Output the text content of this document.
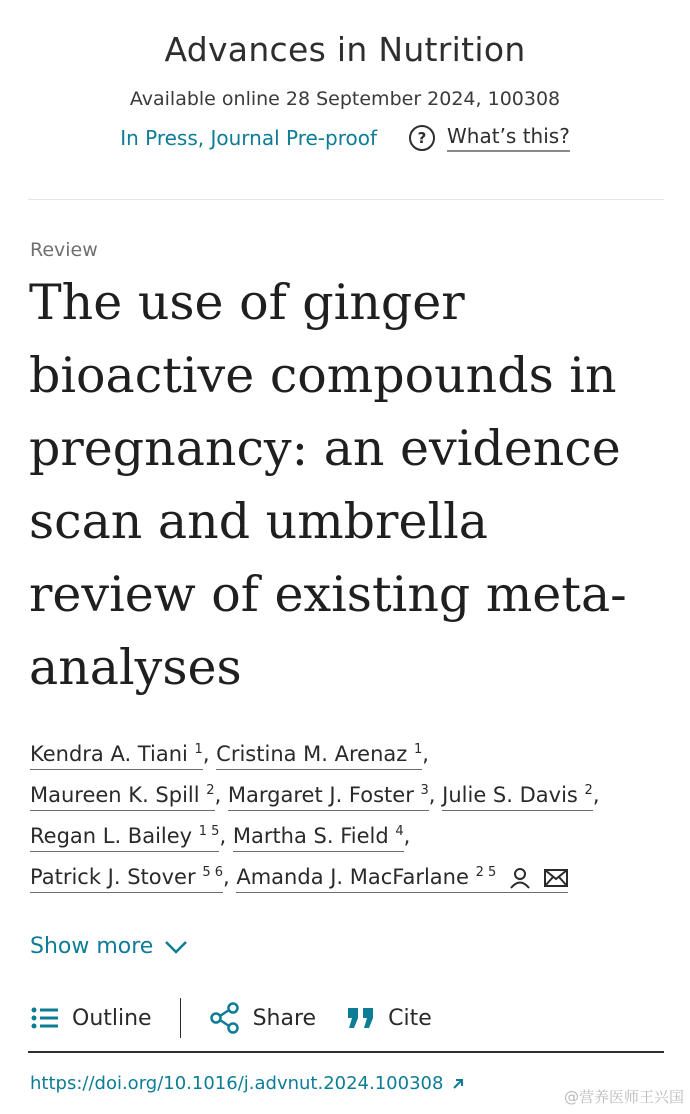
Advances in Nutrition
Available online 28 September 2024, 100308
In Press, Journal Pre-proof	?	What’s this?
Review
The use of ginger
bioactive compounds in
pregnancy: an evidence
scan and umbrella
review of existing meta-
analyses
Kendra A. Tiani $^1$, Cristina M. Arenaz $^1$,
Maureen K. Spill $^2$, Margaret J. Foster $^3$, Julie S. Davis $^2$,
Regan L. Bailey $^{1 5}$, Martha S. Field $^4$,
Patrick J. Stover $^{5 6}$, Amanda J. MacFarlane $^{2 5}$
Show more
Outline	Share	Cite
https://doi.org/10.1016/j.advnut.2024.100308
@营养医师王兴国
